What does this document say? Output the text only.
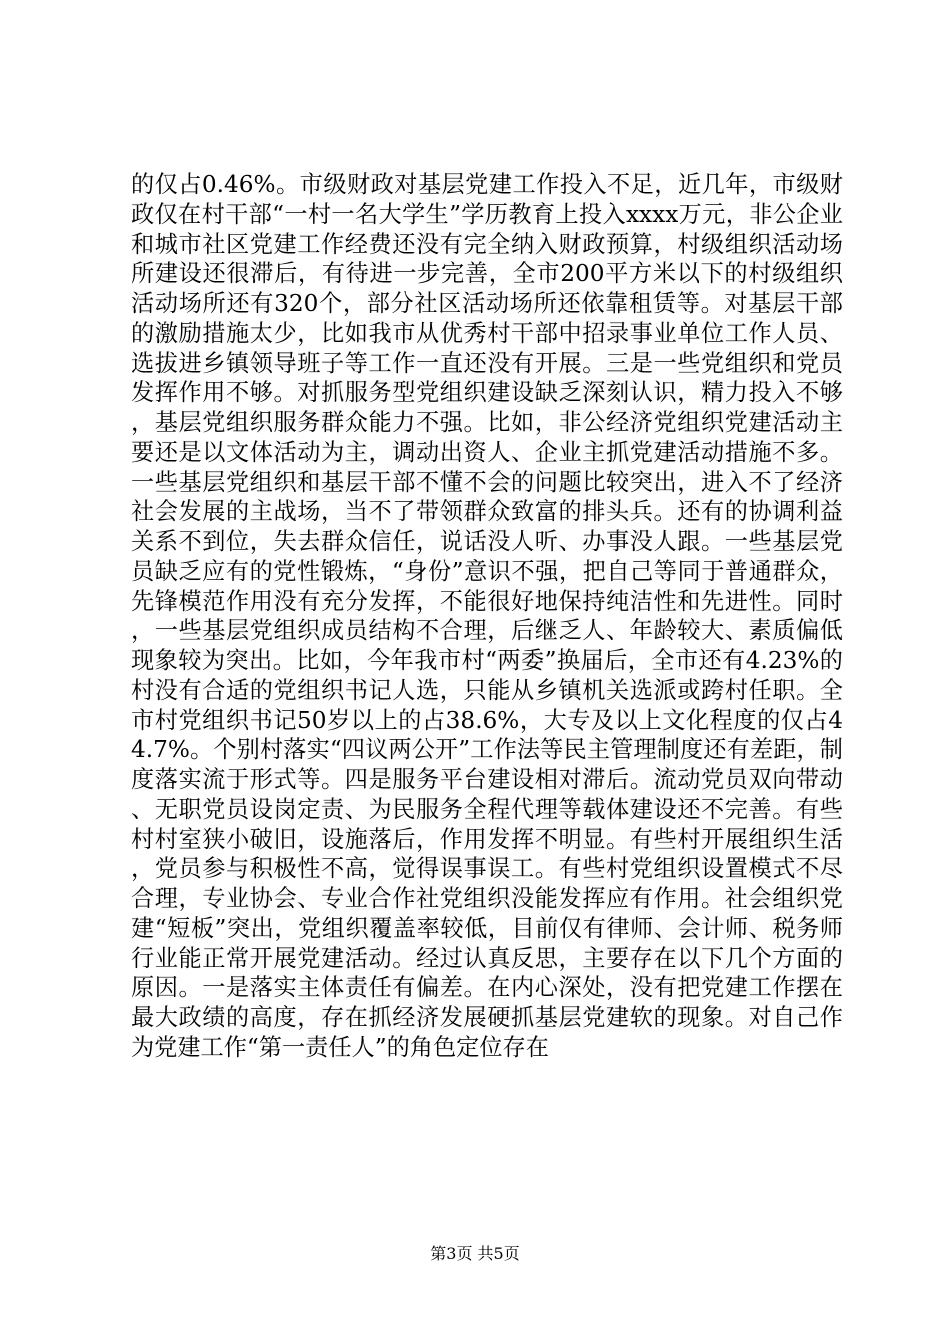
的仅占0.46%。市级财政对基层党建工作投入不足，近几年，市级财政仅在村干部“一村一名大学生”学历教育上投入xxxx万元，非公企业和城市社区党建工作经费还没有完全纳入财政预算，村级组织活动场所建设还很滞后，有待进一步完善，全市200平方米以下的村级组织活动场所还有320个，部分社区活动场所还依靠租赁等。对基层干部的激励措施太少，比如我市从优秀村干部中招录事业单位工作人员、选拔进乡镇领导班子等工作一直还没有开展。三是一些党组织和党员发挥作用不够。对抓服务型党组织建设缺乏深刻认识，精力投入不够，基层党组织服务群众能力不强。比如，非公经济党组织党建活动主要还是以文体活动为主，调动出资人、企业主抓党建活动措施不多。一些基层党组织和基层干部不懂不会的问题比较突出，进入不了经济社会发展的主战场，当不了带领群众致富的排头兵。还有的协调利益关系不到位，失去群众信任，说话没人听、办事没人跟。一些基层党员缺乏应有的党性锻炼，“身份”意识不强，把自己等同于普通群众，先锋模范作用没有充分发挥，不能很好地保持纯洁性和先进性。同时，一些基层党组织成员结构不合理，后继乏人、年龄较大、素质偏低现象较为突出。比如，今年我市村“两委”换届后，全市还有4.23%的村没有合适的党组织书记人选，只能从乡镇机关选派或跨村任职。全市村党组织书记50岁以上的占38.6%，大专及以上文化程度的仅占44.7%。个别村落实“四议两公开”工作法等民主管理制度还有差距，制度落实流于形式等。四是服务平台建设相对滞后。流动党员双向带动、无职党员设岗定责、为民服务全程代理等载体建设还不完善。有些村村室狭小破旧，设施落后，作用发挥不明显。有些村开展组织生活，党员参与积极性不高，觉得误事误工。有些村党组织设置模式不尽合理，专业协会、专业合作社党组织没能发挥应有作用。社会组织党建“短板”突出，党组织覆盖率较低，目前仅有律师、会计师、税务师行业能正常开展党建活动。经过认真反思，主要存在以下几个方面的原因。一是落实主体责任有偏差。在内心深处，没有把党建工作摆在最大政绩的高度，存在抓经济发展硬抓基层党建软的现象。对自己作为党建工作“第一责任人”的角色定位存在

第3页 共5页
